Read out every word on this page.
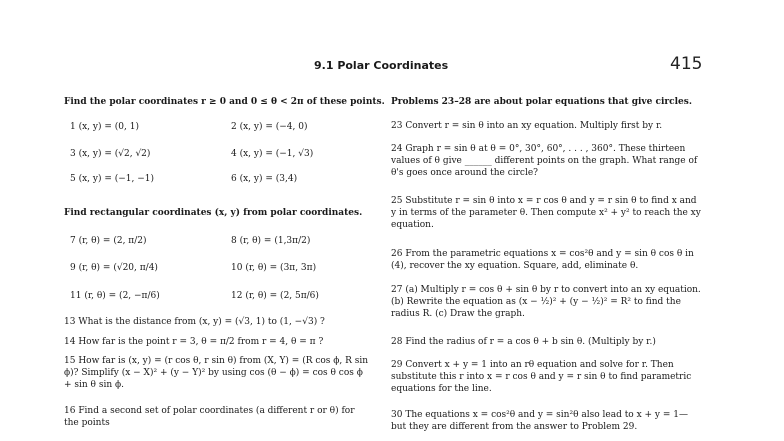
9.1 Polar Coordinates	415
Find the polar coordinates r ≥ 0 and 0 ≤ θ < 2π of these points.
1 (x, y) = (0, 1)	2 (x, y) = (−4, 0)
3 (x, y) = (√2, √2)	4 (x, y) = (−1, √3)
5 (x, y) = (−1, −1)	6 (x, y) = (3,4)
Find rectangular coordinates (x, y) from polar coordinates.
7 (r, θ) = (2, π/2)	8 (r, θ) = (1,3π/2)
9 (r, θ) = (√20, π/4)	10 (r, θ) = (3π, 3π)
11 (r, θ) = (2, −π/6)	12 (r, θ) = (2, 5π/6)
13 What is the distance from (x, y) = (√3, 1) to (1, −√3) ?
14 How far is the point r = 3, θ = π/2 from r = 4, θ = π ?
15 How far is (x, y) = (r cos θ, r sin θ) from (X, Y) = (R cos ϕ, R sin ϕ)? Simplify (x − X)² + (y − Y)² by using cos (θ − ϕ) = cos θ cos ϕ + sin θ sin ϕ.
16 Find a second set of polar coordinates (a different r or θ) for the points
Problems 23–28 are about polar equations that give circles.
23 Convert r = sin θ into an xy equation. Multiply first by r.
24 Graph r = sin θ at θ = 0°, 30°, 60°, . . . , 360°. These thirteen values of θ give ______ different points on the graph. What range of θ's goes once around the circle?
25 Substitute r = sin θ into x = r cos θ and y = r sin θ to find x and y in terms of the parameter θ. Then compute x² + y² to reach the xy equation.
26 From the parametric equations x = cos²θ and y = sin θ cos θ in (4), recover the xy equation. Square, add, eliminate θ.
27 (a) Multiply r = cos θ + sin θ by r to convert into an xy equation. (b) Rewrite the equation as (x − ½)² + (y − ½)² = R² to find the radius R. (c) Draw the graph.
28 Find the radius of r = a cos θ + b sin θ. (Multiply by r.)
29 Convert x + y = 1 into an rθ equation and solve for r. Then substitute this r into x = r cos θ and y = r sin θ to find parametric equations for the line.
30 The equations x = cos²θ and y = sin²θ also lead to x + y = 1—but they are different from the answer to Problem 29.
